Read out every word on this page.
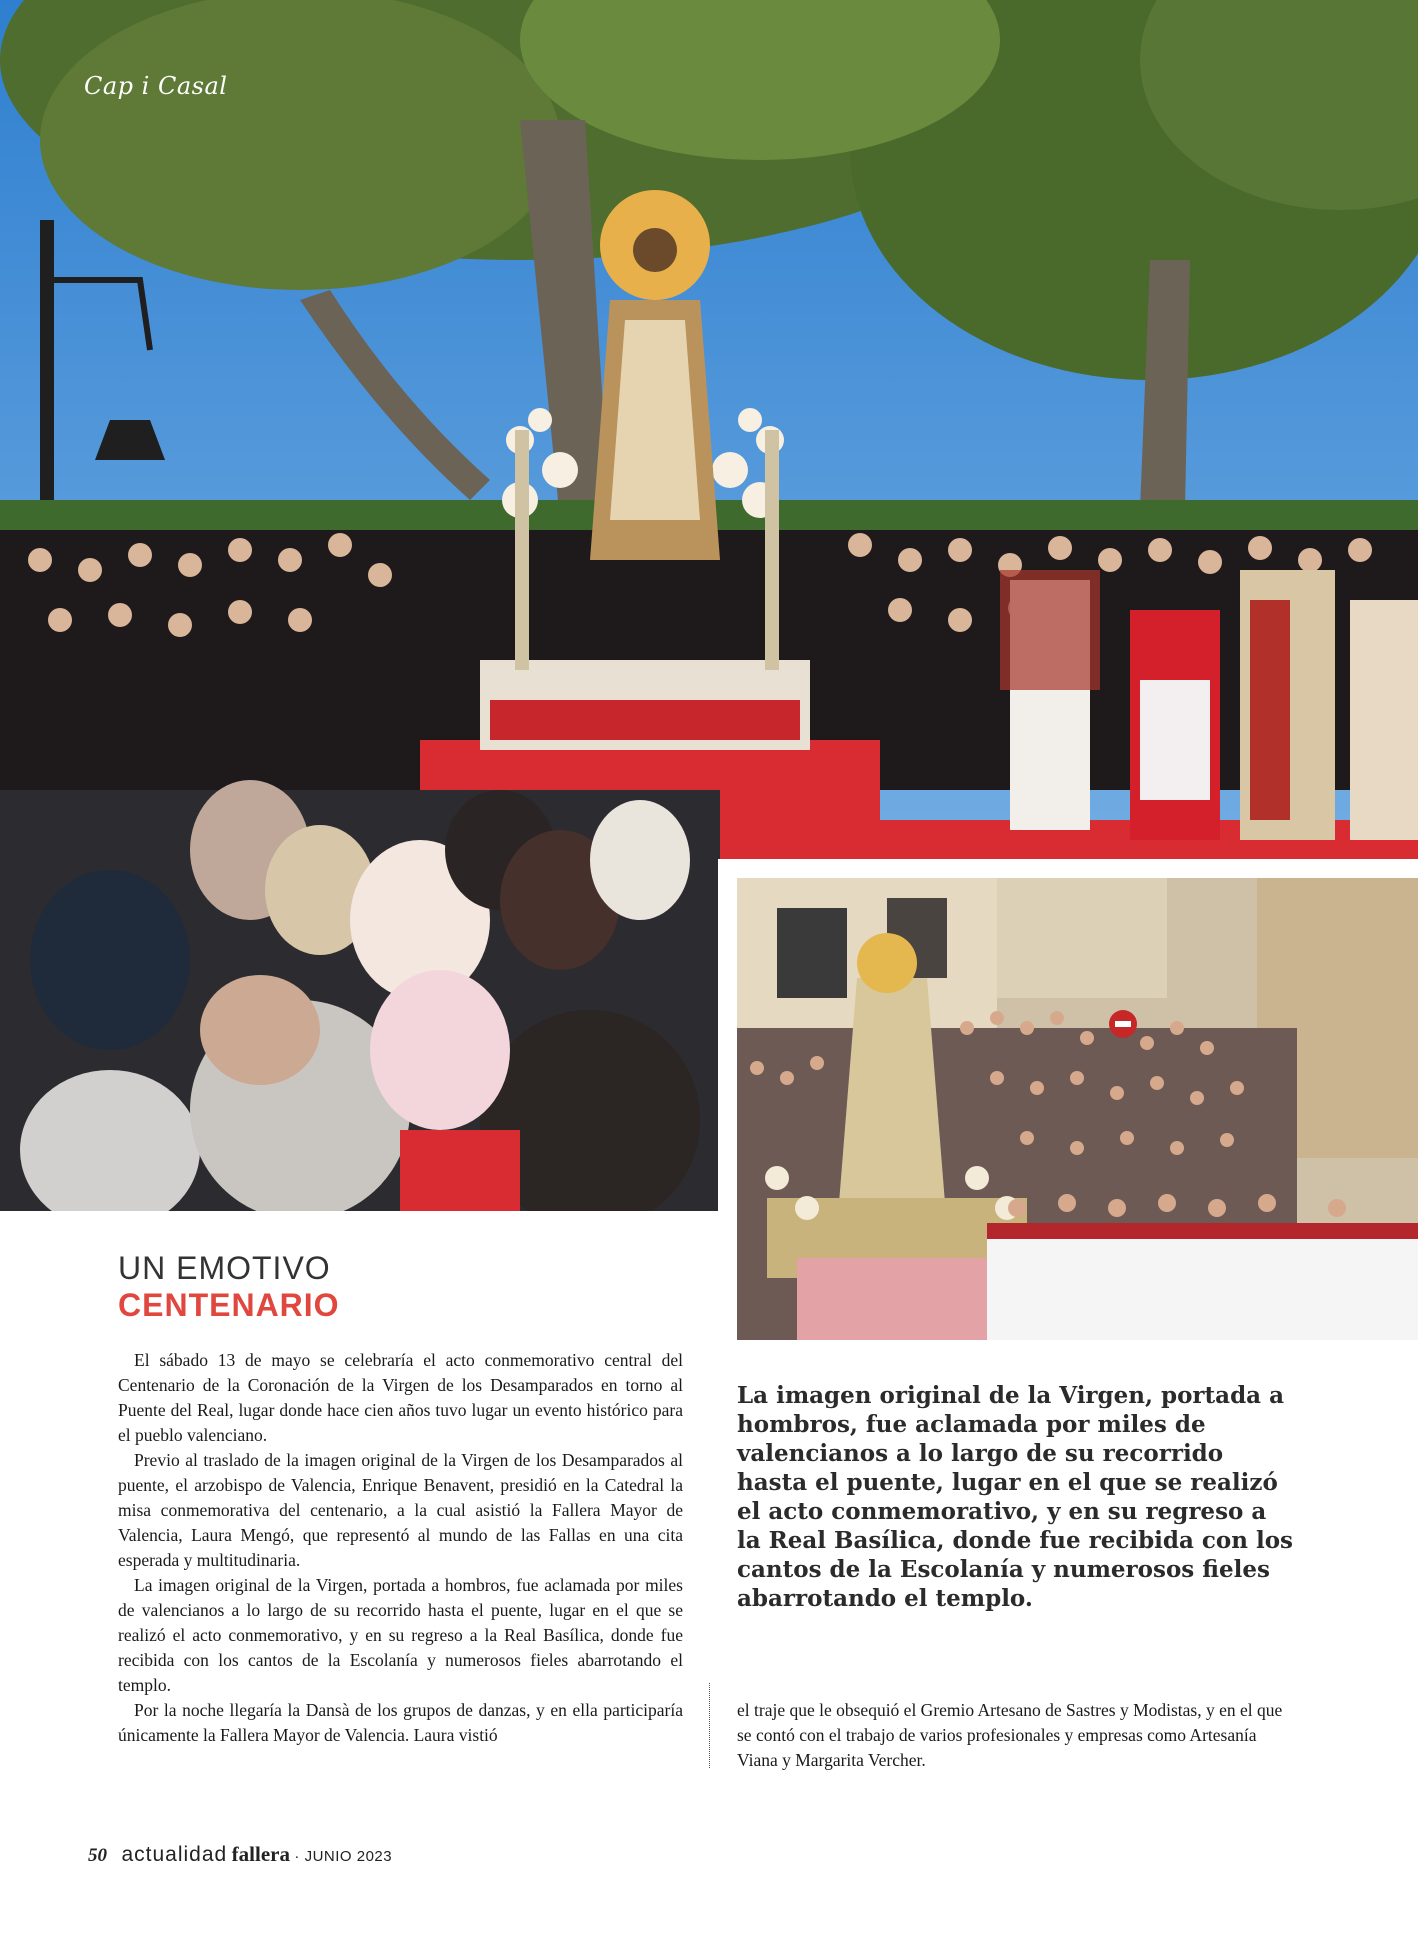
Cap i Casal
UN EMOTIVO
CENTENARIO

El sábado 13 de mayo se celebraría el acto conmemorativo central del Centenario de la Coronación de la Virgen de los Desamparados en torno al Puente del Real, lugar donde hace cien años tuvo lugar un evento histórico para el pueblo valenciano.

Previo al traslado de la imagen original de la Virgen de los Desamparados al puente, el arzobispo de Valencia, Enrique Benavent, presidió en la Catedral la misa conmemorativa del centenario, a la cual asistió la Fallera Mayor de Valencia, Laura Mengó, que representó al mundo de las Fallas en una cita esperada y multitudinaria.

La imagen original de la Virgen, portada a hombros, fue aclamada por miles de valencianos a lo largo de su recorrido hasta el puente, lugar en el que se realizó el acto conmemorativo, y en su regreso a la Real Basílica, donde fue recibida con los cantos de la Escolanía y numerosos fieles abarrotando el templo.

Por la noche llegaría la Dansà de los grupos de danzas, y en ella participaría únicamente la Fallera Mayor de Valencia. Laura vistió

La imagen original de la Virgen, portada a hombros, fue aclamada por miles de valencianos a lo largo de su recorrido hasta el puente, lugar en el que se realizó el acto conmemorativo, y en su regreso a la Real Basílica, donde fue recibida con los cantos de la Escolanía y numerosos fieles abarrotando el templo.

el traje que le obsequió el Gremio Artesano de Sastres y Modistas, y en el que se contó con el trabajo de varios profesionales y empresas como Artesanía Viana y Margarita Vercher.

50 actualidad fallera · JUNIO 2023
